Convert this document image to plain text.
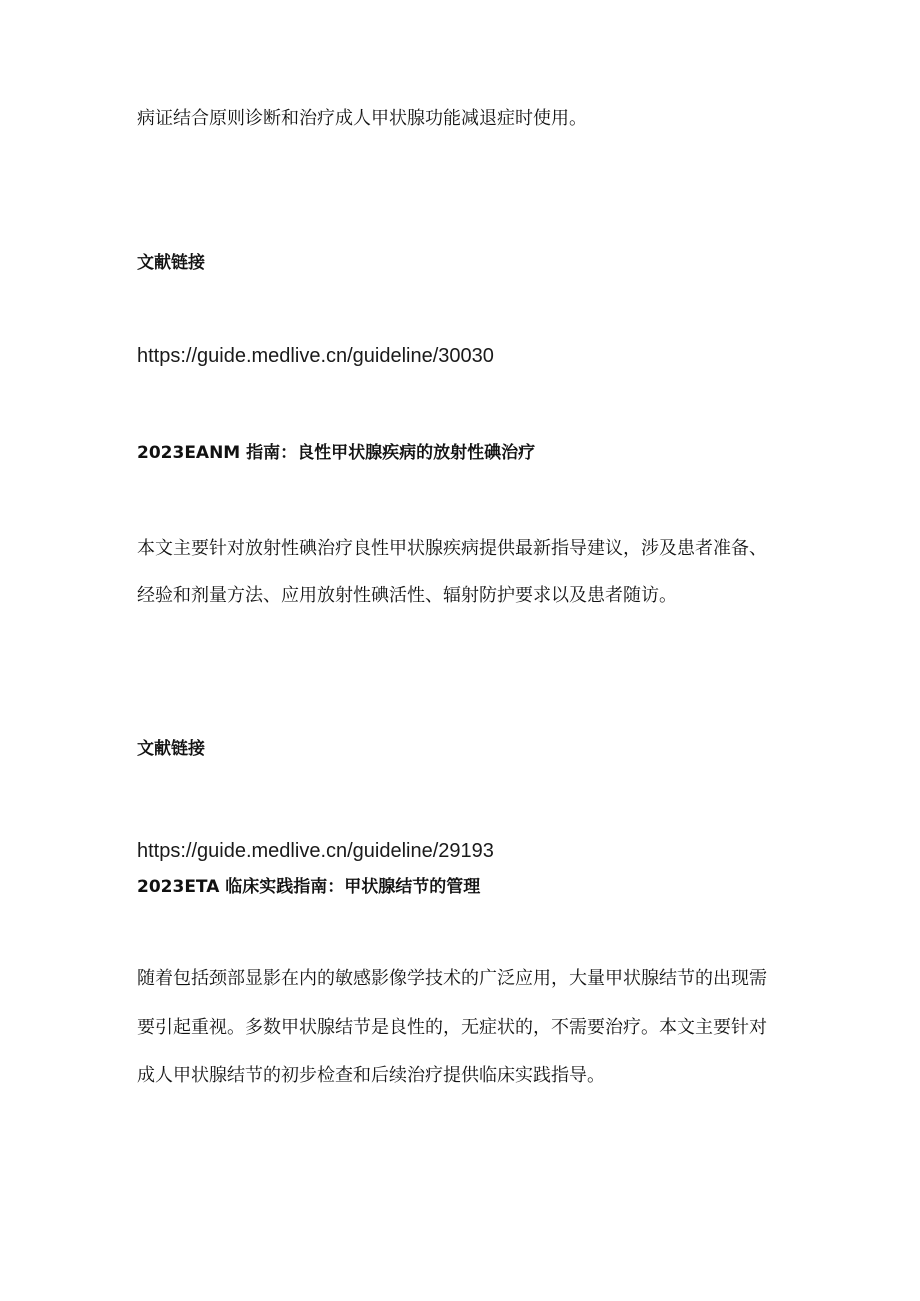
病证结合原则诊断和治疗成人甲状腺功能减退症时使用。

文献链接

https://guide.medlive.cn/guideline/30030

2023EANM 指南：良性甲状腺疾病的放射性碘治疗

本文主要针对放射性碘治疗良性甲状腺疾病提供最新指导建议，涉及患者准备、

经验和剂量方法、应用放射性碘活性、辐射防护要求以及患者随访。

文献链接

https://guide.medlive.cn/guideline/29193

2023ETA 临床实践指南：甲状腺结节的管理

随着包括颈部显影在内的敏感影像学技术的广泛应用，大量甲状腺结节的出现需

要引起重视。多数甲状腺结节是良性的，无症状的，不需要治疗。本文主要针对

成人甲状腺结节的初步检查和后续治疗提供临床实践指导。
